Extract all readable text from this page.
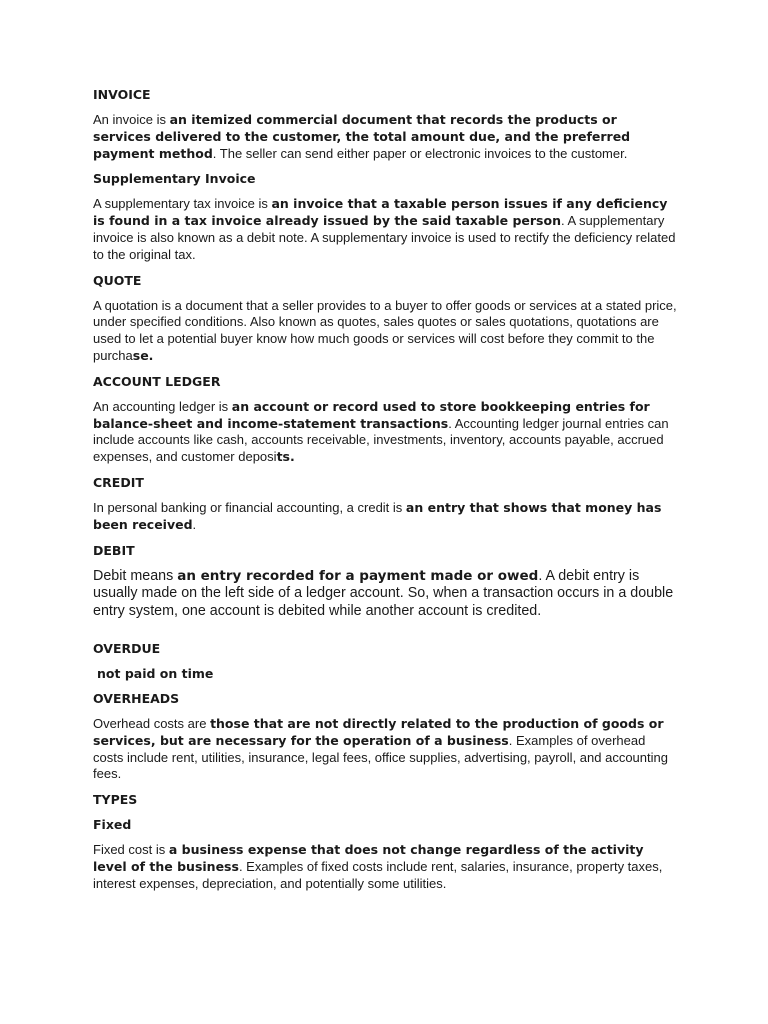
INVOICE
An invoice is an itemized commercial document that records the products or services delivered to the customer, the total amount due, and the preferred payment method. The seller can send either paper or electronic invoices to the customer.
Supplementary Invoice
A supplementary tax invoice is an invoice that a taxable person issues if any deficiency is found in a tax invoice already issued by the said taxable person. A supplementary invoice is also known as a debit note. A supplementary invoice is used to rectify the deficiency related to the original tax.
QUOTE
A quotation is a document that a seller provides to a buyer to offer goods or services at a stated price, under specified conditions. Also known as quotes, sales quotes or sales quotations, quotations are used to let a potential buyer know how much goods or services will cost before they commit to the purchase.
ACCOUNT LEDGER
An accounting ledger is an account or record used to store bookkeeping entries for balance-sheet and income-statement transactions. Accounting ledger journal entries can include accounts like cash, accounts receivable, investments, inventory, accounts payable, accrued expenses, and customer deposits.
CREDIT
In personal banking or financial accounting, a credit is an entry that shows that money has been received.
DEBIT
Debit means an entry recorded for a payment made or owed. A debit entry is usually made on the left side of a ledger account. So, when a transaction occurs in a double entry system, one account is debited while another account is credited.
OVERDUE
not paid on time
OVERHEADS
Overhead costs are those that are not directly related to the production of goods or services, but are necessary for the operation of a business. Examples of overhead costs include rent, utilities, insurance, legal fees, office supplies, advertising, payroll, and accounting fees.
TYPES
Fixed
Fixed cost is a business expense that does not change regardless of the activity level of the business. Examples of fixed costs include rent, salaries, insurance, property taxes, interest expenses, depreciation, and potentially some utilities.
